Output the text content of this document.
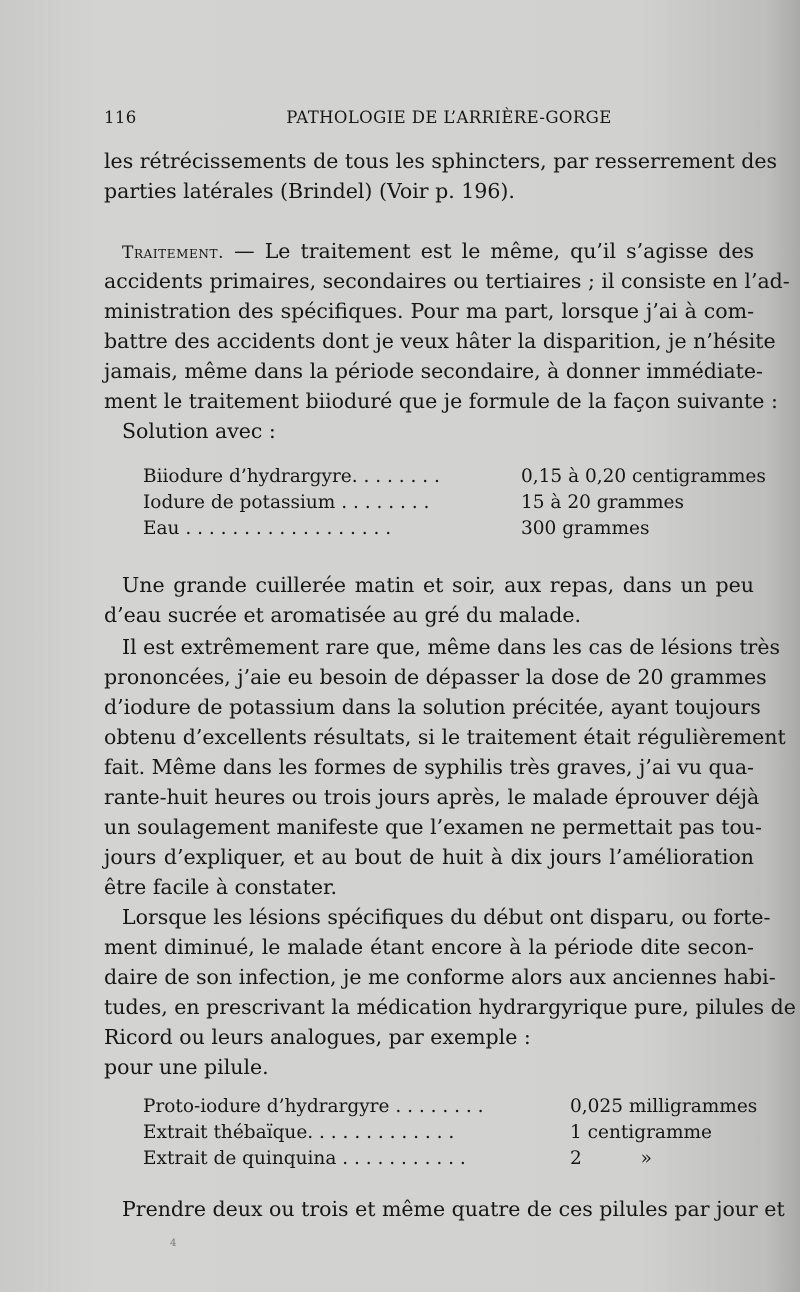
116	PATHOLOGIE DE L’ARRIÈRE-GORGE
les rétrécissements de tous les sphincters, par resserrement des
parties latérales (Brindel) (Voir p. 196).
Traitement. — Le traitement est le même, qu’il s’agisse des
accidents primaires, secondaires ou tertiaires ; il consiste en l’ad-
ministration des spécifiques. Pour ma part, lorsque j’ai à com-
battre des accidents dont je veux hâter la disparition, je n’hésite
jamais, même dans la période secondaire, à donner immédiate-
ment le traitement biioduré que je formule de la façon suivante :
Solution avec :
Biiodure d’hydrargyre. . . . . . . .	0,15 à 0,20 centigrammes
Iodure de potassium . . . . . . . .	15 à 20 grammes
Eau . . . . . . . . . . . . . . . . . .	300 grammes
Une grande cuillerée matin et soir, aux repas, dans un peu
d’eau sucrée et aromatisée au gré du malade.
Il est extrêmement rare que, même dans les cas de lésions très
prononcées, j’aie eu besoin de dépasser la dose de 20 grammes
d’iodure de potassium dans la solution précitée, ayant toujours
obtenu d’excellents résultats, si le traitement était régulièrement
fait. Même dans les formes de syphilis très graves, j’ai vu qua-
rante-huit heures ou trois jours après, le malade éprouver déjà
un soulagement manifeste que l’examen ne permettait pas tou-
jours d’expliquer, et au bout de huit à dix jours l’amélioration
être facile à constater.
Lorsque les lésions spécifiques du début ont disparu, ou forte-
ment diminué, le malade étant encore à la période dite secon-
daire de son infection, je me conforme alors aux anciennes habi-
tudes, en prescrivant la médication hydrargyrique pure, pilules de
Ricord ou leurs analogues, par exemple :
pour une pilule.
Proto-iodure d’hydrargyre . . . . . . . .	0,025 milligrammes
Extrait thébaïque. . . . . . . . . . . . .	1 centigramme
Extrait de quinquina . . . . . . . . . . .	2          »
Prendre deux ou trois et même quatre de ces pilules par jour et
4
